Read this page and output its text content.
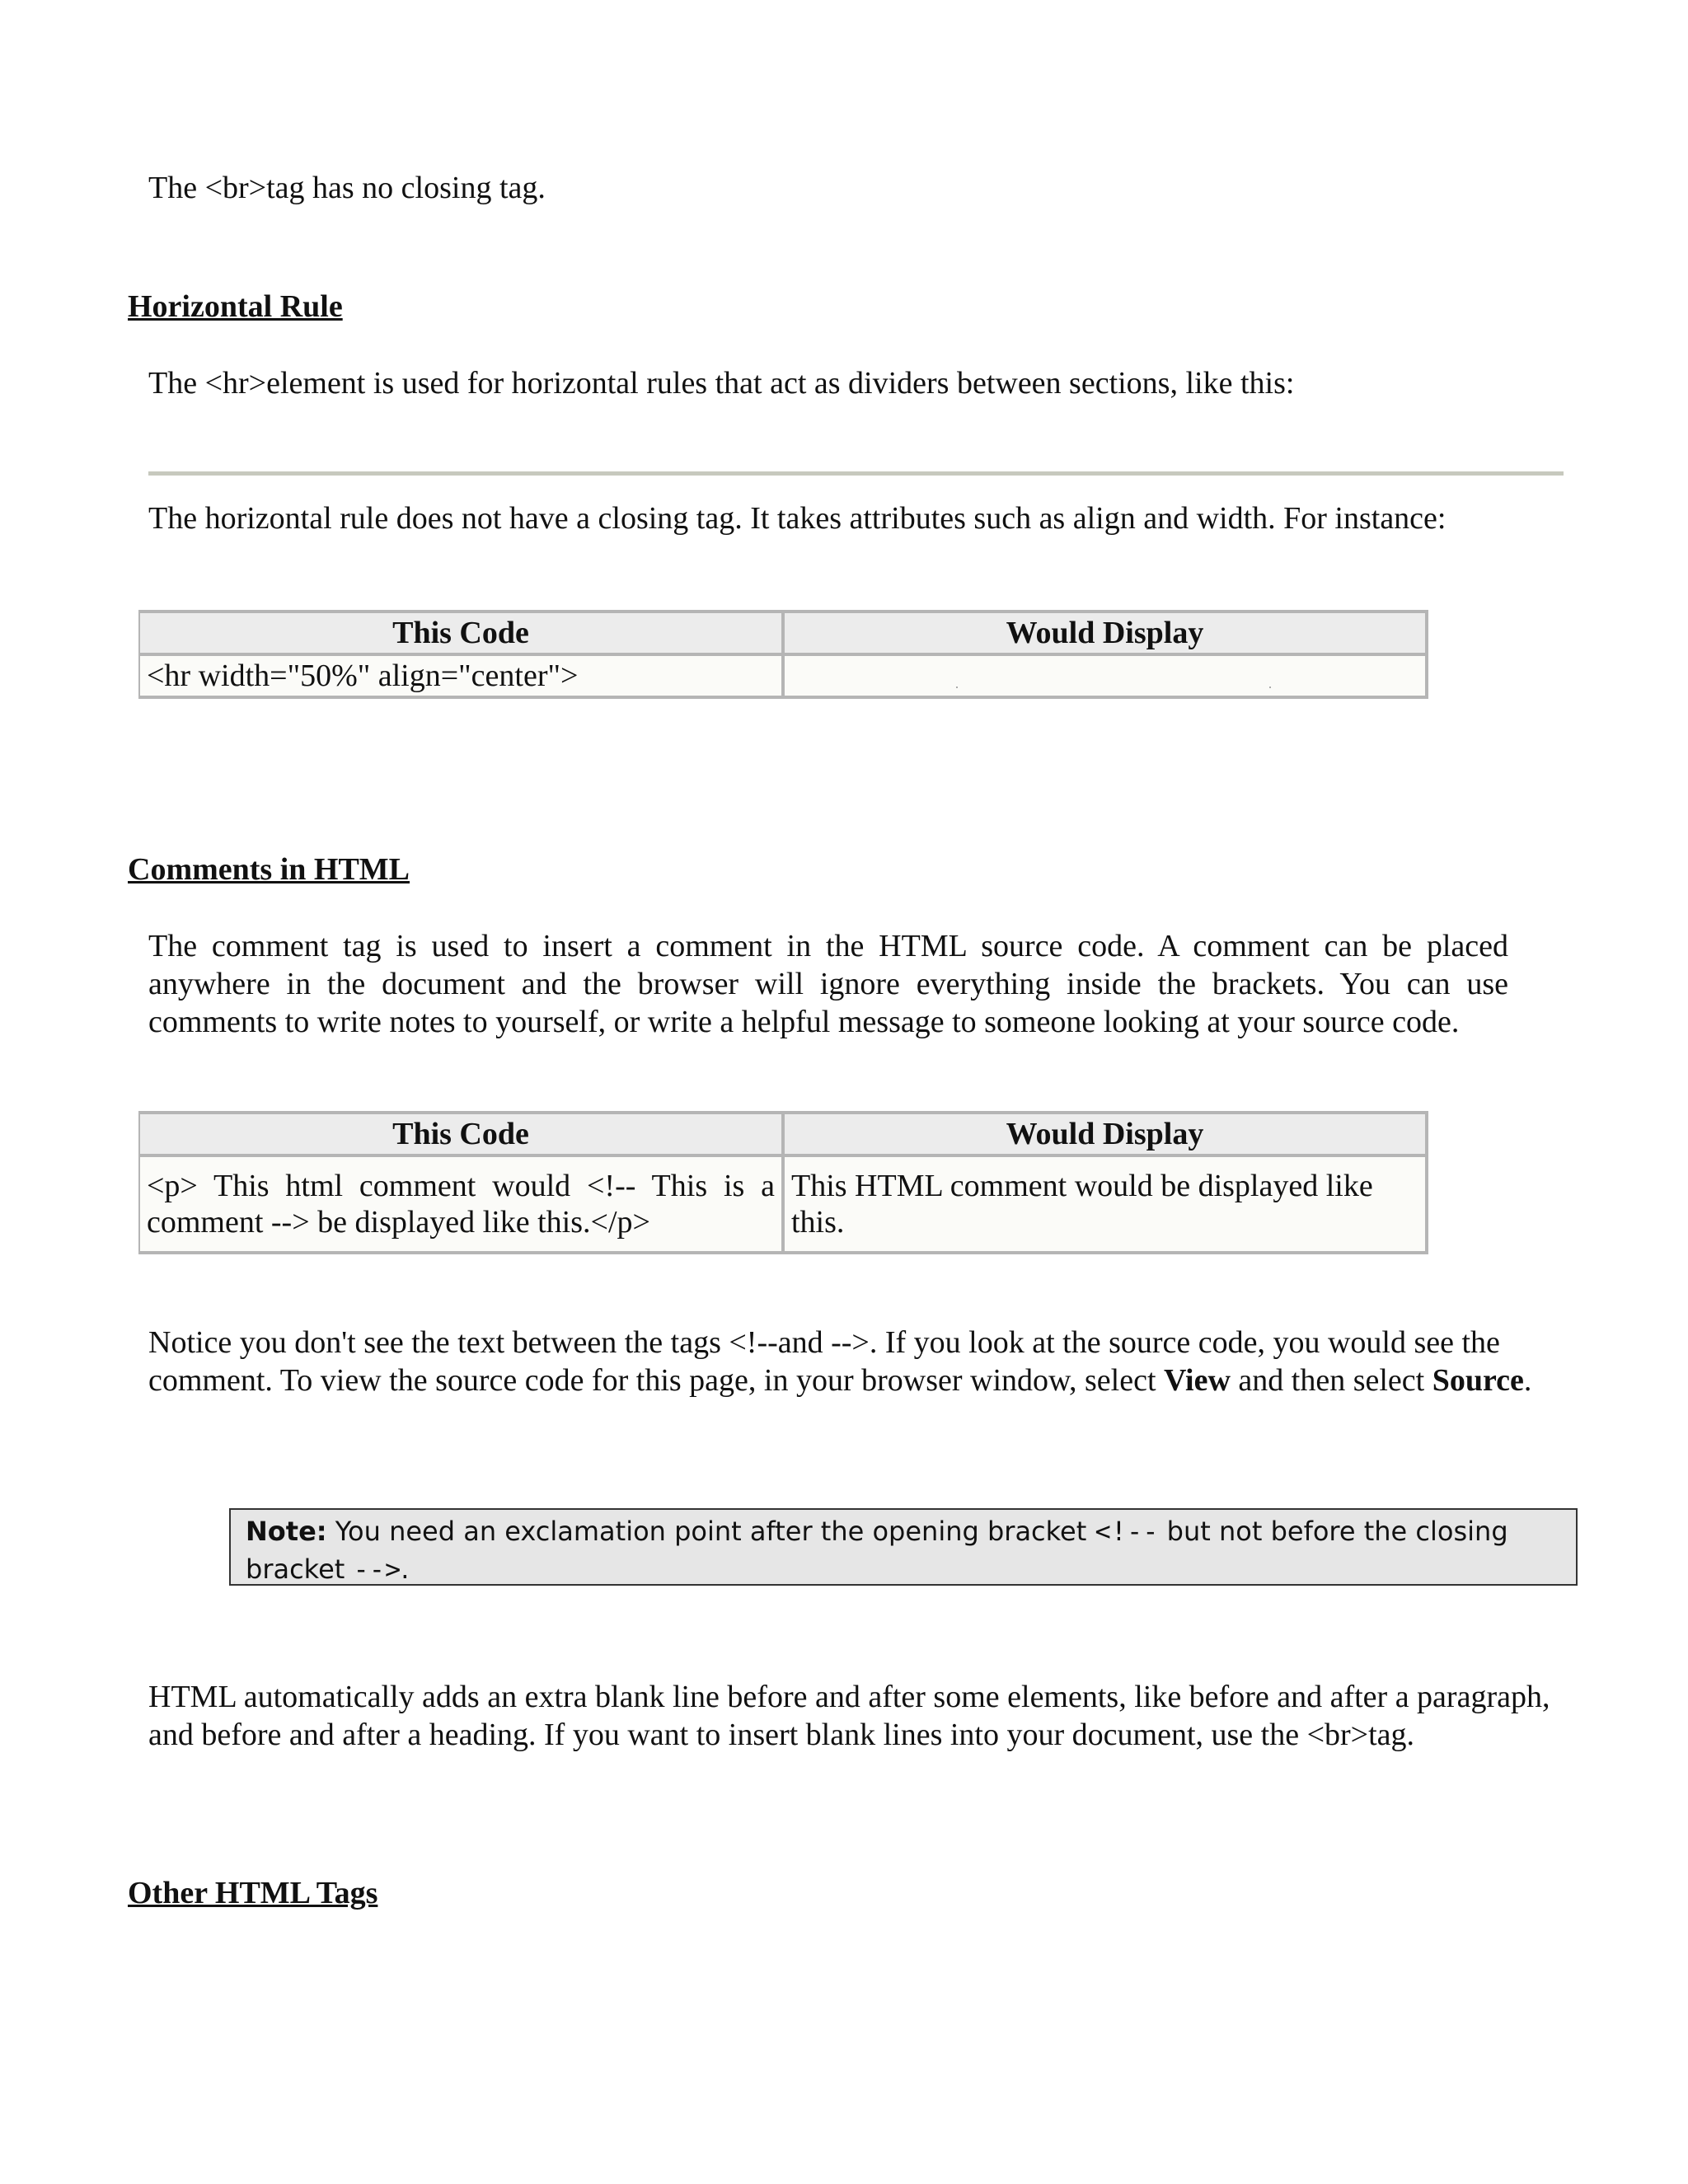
The <br>tag has no closing tag.

Horizontal Rule

The <hr>element is used for horizontal rules that act as dividers between sections, like this:

The horizontal rule does not have a closing tag. It takes attributes such as align and width. For instance:

This Code	Would Display
<hr width="50%" align="center">	
Comments in HTML

The comment tag is used to insert a comment in the HTML source code. A comment can be placed anywhere in the document and the browser will ignore everything inside the brackets. You can use comments to write notes to yourself, or write a helpful message to someone looking at your source code.

This Code	Would Display
<p> This html comment would <!-- This is a comment --> be displayed like this.</p>	This HTML comment would be displayed like this.

Notice you don't see the text between the tags <!--and -->. If you look at the source code, you would see the comment. To view the source code for this page, in your browser window, select View and then select Source.

Note: You need an exclamation point after the opening bracket <!-- but not before the closing bracket -->.

HTML automatically adds an extra blank line before and after some elements, like before and after a paragraph, and before and after a heading. If you want to insert blank lines into your document, use the <br>tag.

Other HTML Tags
